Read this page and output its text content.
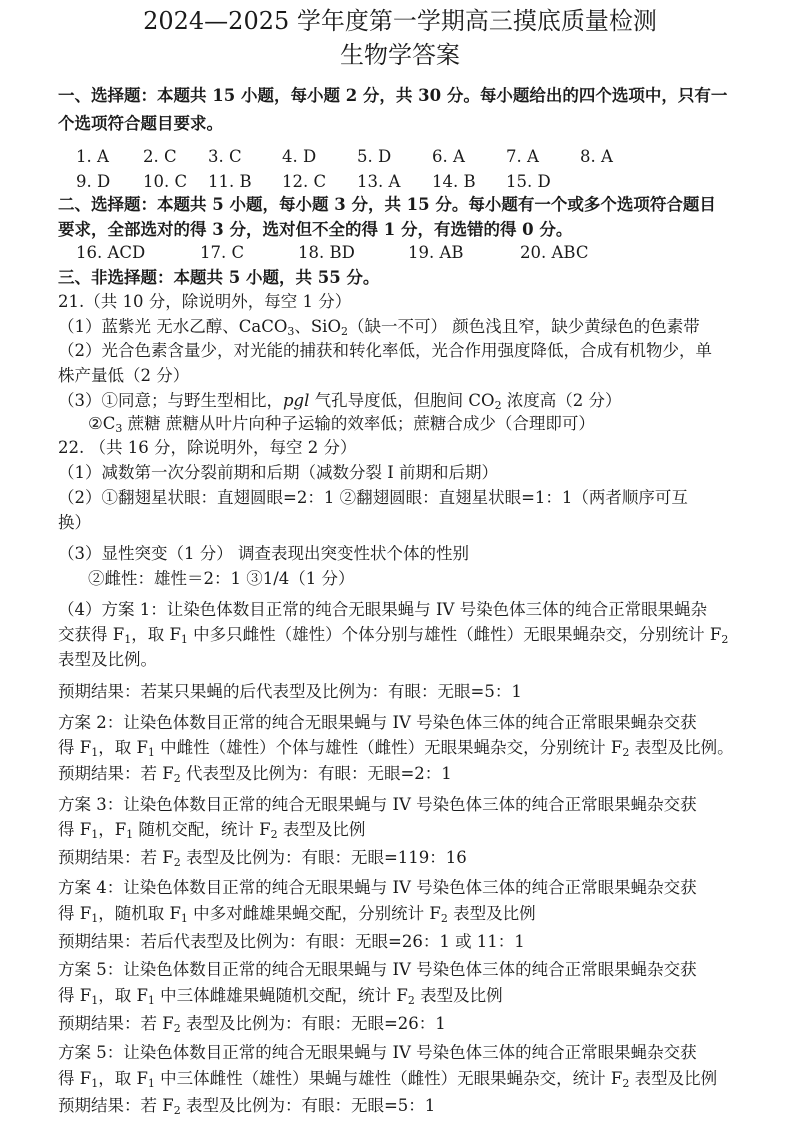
2024—2025 学年度第一学期高三摸底质量检测
生物学答案
一、选择题：本题共 15 小题，每小题 2 分，共 30 分。每小题给出的四个选项中，只有一
个选项符合题目要求。
1. A 2. C 3. C 4. D 5. D 6. A 7. A 8. A
9. D 10. C 11. B 12. C 13. A 14. B 15. D
二、选择题：本题共 5 小题，每小题 3 分，共 15 分。每小题有一个或多个选项符合题目
要求，全部选对的得 3 分，选对但不全的得 1 分，有选错的得 0 分。
16. ACD	17. C	18. BD	19. AB	20. ABC
三、非选择题：本题共 5 小题，共 55 分。
21.（共 10 分，除说明外，每空 1 分）
（1）蓝紫光 无水乙醇、CaCO$_3$、SiO$_2$（缺一不可） 颜色浅且窄，缺少黄绿色的色素带
（2）光合色素含量少，对光能的捕获和转化率低，光合作用强度降低，合成有机物少，单
株产量低（2 分）
（3）①同意；与野生型相比，pgl 气孔导度低，但胞间 $CO_2$ 浓度高（2 分）
$②C_3$ 蔗糖 蔗糖从叶片向种子运输的效率低；蔗糖合成少（合理即可）
22. （共 16 分，除说明外，每空 2 分）
（1）减数第一次分裂前期和后期（减数分裂 I 前期和后期）
（2）①翻翅星状眼：直翅圆眼=2：1 ②翻翅圆眼：直翅星状眼=1：1（两者顺序可互
换）
（3）显性突变（1 分） 调查表现出突变性状个体的性别
②雌性：雄性＝2：1 ③1/4（1 分）
（4）方案 1：让染色体数目正常的纯合无眼果蝇与 IV 号染色体三体的纯合正常眼果蝇杂
交获得 $F_1$，取 $F_1$ 中多只雌性（雄性）个体分别与雄性（雌性）无眼果蝇杂交，分别统计 $F_2$
表型及比例。
预期结果：若某只果蝇的后代表型及比例为：有眼：无眼=5：1
方案 2：让染色体数目正常的纯合无眼果蝇与 IV 号染色体三体的纯合正常眼果蝇杂交获
得 $F_1$，取 $F_1$ 中雌性（雄性）个体与雄性（雌性）无眼果蝇杂交，分别统计 $F_2$ 表型及比例。
预期结果：若 $F_2$ 代表型及比例为：有眼：无眼=2：1
方案 3：让染色体数目正常的纯合无眼果蝇与 IV 号染色体三体的纯合正常眼果蝇杂交获
得 $F_1$，$F_1$ 随机交配，统计 $F_2$ 表型及比例
预期结果：若 $F_2$ 表型及比例为：有眼：无眼=119：16
方案 4：让染色体数目正常的纯合无眼果蝇与 IV 号染色体三体的纯合正常眼果蝇杂交获
得 $F_1$，随机取 $F_1$ 中多对雌雄果蝇交配，分别统计 $F_2$ 表型及比例
预期结果：若后代表型及比例为：有眼：无眼=26：1 或 11：1
方案 5：让染色体数目正常的纯合无眼果蝇与 IV 号染色体三体的纯合正常眼果蝇杂交获
得 $F_1$，取 $F_1$ 中三体雌雄果蝇随机交配，统计 $F_2$ 表型及比例
预期结果：若 $F_2$ 表型及比例为：有眼：无眼=26：1
方案 5：让染色体数目正常的纯合无眼果蝇与 IV 号染色体三体的纯合正常眼果蝇杂交获
得 $F_1$，取 $F_1$ 中三体雌性（雄性）果蝇与雄性（雌性）无眼果蝇杂交，统计 $F_2$ 表型及比例
预期结果：若 $F_2$ 表型及比例为：有眼：无眼=5：1
